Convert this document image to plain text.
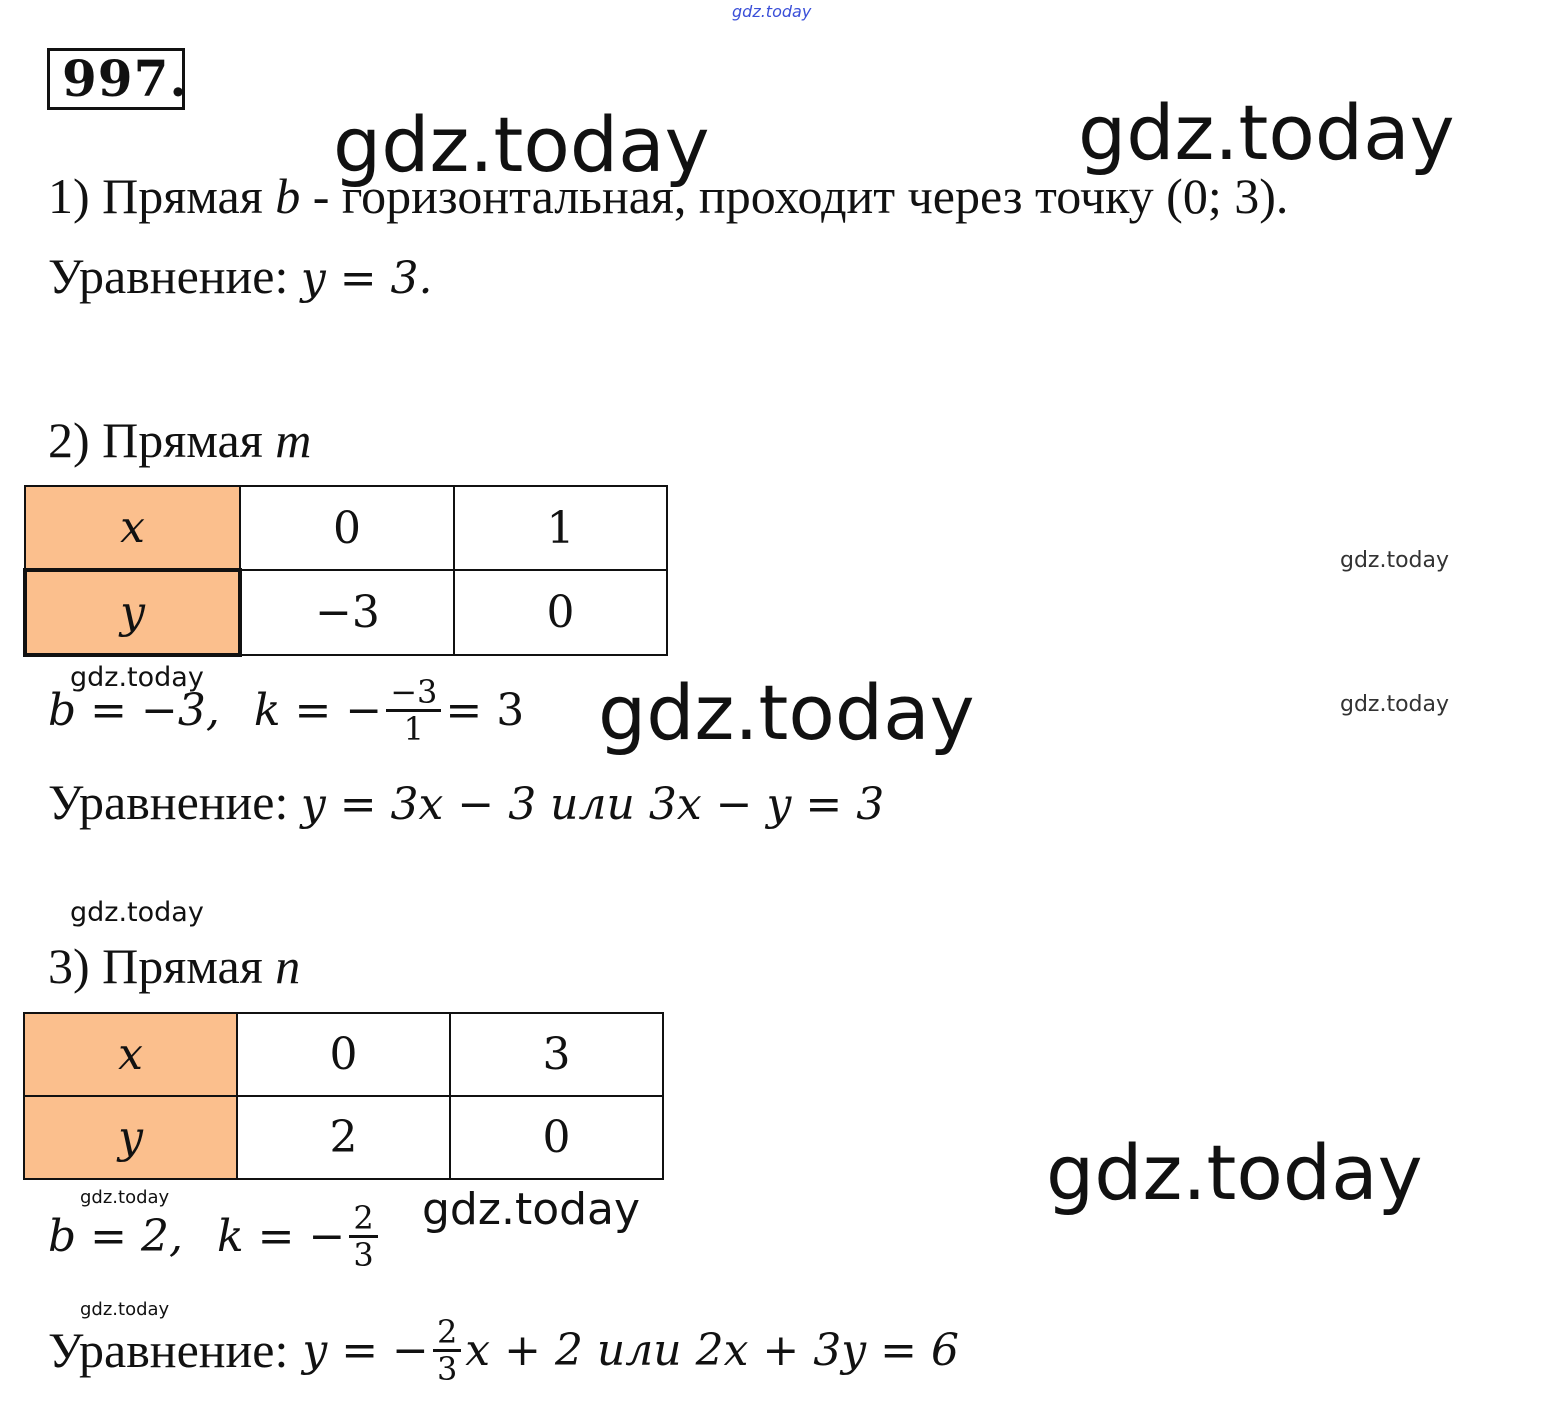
gdz.today
997.
gdz.today	gdz.today
1) Прямая b - горизонтальная, проходит через точку (0; 3).
Уравнение: y = 3.
2) Прямая m
x	0	1
y	−3	0
gdz.today
gdz.today
gdz.today
b = −3, k = − $\frac{-3}{1} = 3$ gdz.today
Уравнение: y = 3x − 3 или 3x − y = 3
gdz.today
3) Прямая n
x	0	3
y	2	0	gdz.today
gdz.today
b = 2, k = − $\frac{2}{3}$ gdz.today
gdz.today
Уравнение: y = − $\frac{2}{3}$ x + 2 или 2x + 3y = 6
